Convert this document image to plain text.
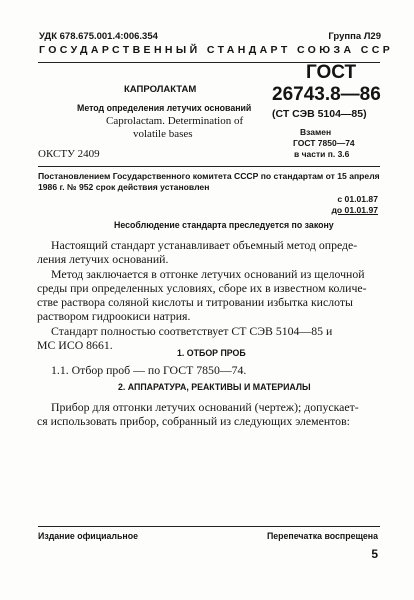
УДК 678.675.001.4:006.354	Группа Л29
ГОСУДАРСТВЕННЫЙ СТАНДАРТ СОЮЗА ССР
КАПРОЛАКТАМ
Метод определения летучих оснований
Caprolactam. Determination of
volatile bases
ОКСТУ 2409
ГОСТ
26743.8—86
(СТ СЭВ 5104—85)
Взамен
ГОСТ 7850—74
в части п. 3.6
Постановлением Государственного комитета СССР по стандартам от 15 апреля
1986 г. № 952 срок действия установлен
с 01.01.87
до 01.01.97
Несоблюдение стандарта преследуется по закону
Настоящий стандарт устанавливает объемный метод опреде-
ления летучих оснований.
Метод заключается в отгонке летучих оснований из щелочной
среды при определенных условиях, сборе их в известном количе-
стве раствора соляной кислоты и титровании избытка кислоты
раствором гидроокиси натрия.
Стандарт полностью соответствует СТ СЭВ 5104—85 и
МС ИСО 8661.
1. ОТБОР ПРОБ
1.1. Отбор проб — по ГОСТ 7850—74.
2. АППАРАТУРА, РЕАКТИВЫ И МАТЕРИАЛЫ
Прибор для отгонки летучих оснований (чертеж); допускает-
ся использовать прибор, собранный из следующих элементов:
Издание официальное	Перепечатка воспрещена
5
